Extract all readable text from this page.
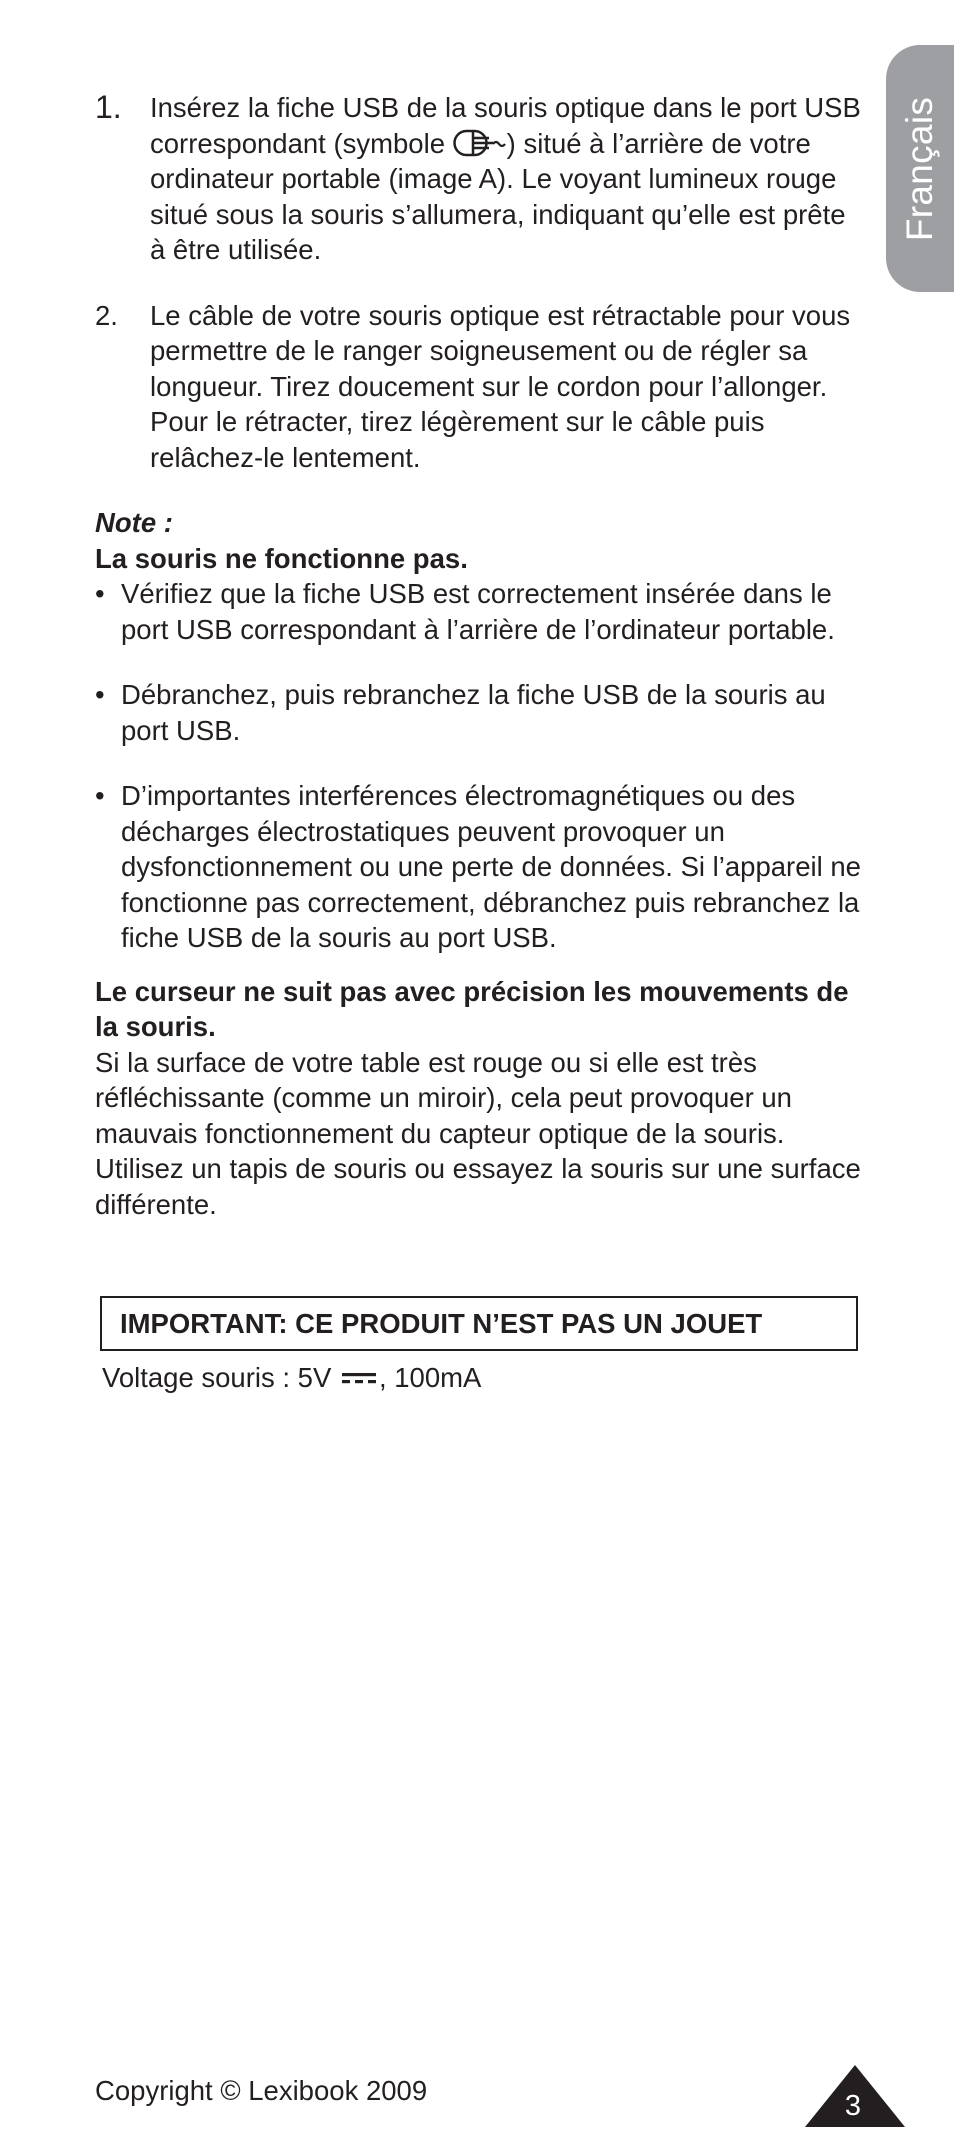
Français
1. Insérez la fiche USB de la souris optique dans le port USB correspondant (symbole ) situé à l’arrière de votre ordinateur portable (image A). Le voyant lumineux rouge situé sous la souris s’allumera, indiquant qu’elle est prête à être utilisée.
2. Le câble de votre souris optique est rétractable pour vous permettre de le ranger soigneusement ou de régler sa longueur. Tirez doucement sur le cordon pour l’allonger. Pour le rétracter, tirez légèrement sur le câble puis relâchez-le lentement.
Note :
La souris ne fonctionne pas.
• Vérifiez que la fiche USB est correctement insérée dans le port USB correspondant à l’arrière de l’ordinateur portable.
• Débranchez, puis rebranchez la fiche USB de la souris au port USB.
• D’importantes interférences électromagnétiques ou des décharges électrostatiques peuvent provoquer un dysfonctionnement ou une perte de données. Si l’appareil ne fonctionne pas correctement, débranchez puis rebranchez la fiche USB de la souris au port USB.
Le curseur ne suit pas avec précision les mouvements de la souris.
Si la surface de votre table est rouge ou si elle est très réfléchissante (comme un miroir), cela peut provoquer un mauvais fonctionnement du capteur optique de la souris. Utilisez un tapis de souris ou essayez la souris sur une surface différente.
IMPORTANT: CE PRODUIT N’EST PAS UN JOUET
Voltage souris : 5V , 100mA
Copyright © Lexibook 2009	3
